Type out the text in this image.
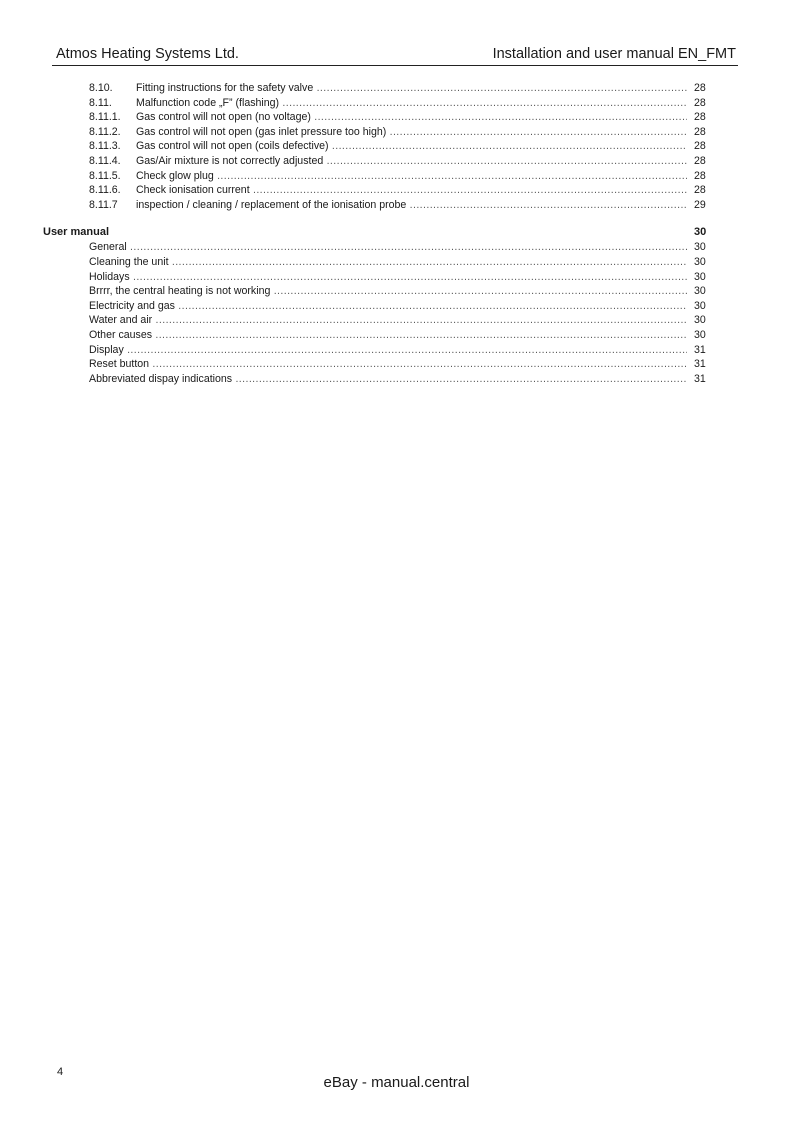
Atmos Heating Systems Ltd.	Installation and user manual EN_FMT
8.10. Fitting instructions for the safety valve .....	28
8.11. Malfunction code „F” (flashing) .....	28
8.11.1. Gas control will not open (no voltage) .....	28
8.11.2. Gas control will not open (gas inlet pressure too high) .....	28
8.11.3. Gas control will not open (coils defective) .....	28
8.11.4. Gas/Air mixture is not correctly adjusted .....	28
8.11.5. Check glow plug .....	28
8.11.6. Check ionisation current .....	28
8.11.7 inspection / cleaning / replacement of the ionisation probe .....	29
User manual	30
General .....	30
Cleaning the unit .....	30
Holidays .....	30
Brrrr, the central heating is not working .....	30
Electricity and gas .....	30
Water and air .....	30
Other causes .....	30
Display .....	31
Reset button .....	31
Abbreviated dispay indications .....	31
4
eBay - manual.central
